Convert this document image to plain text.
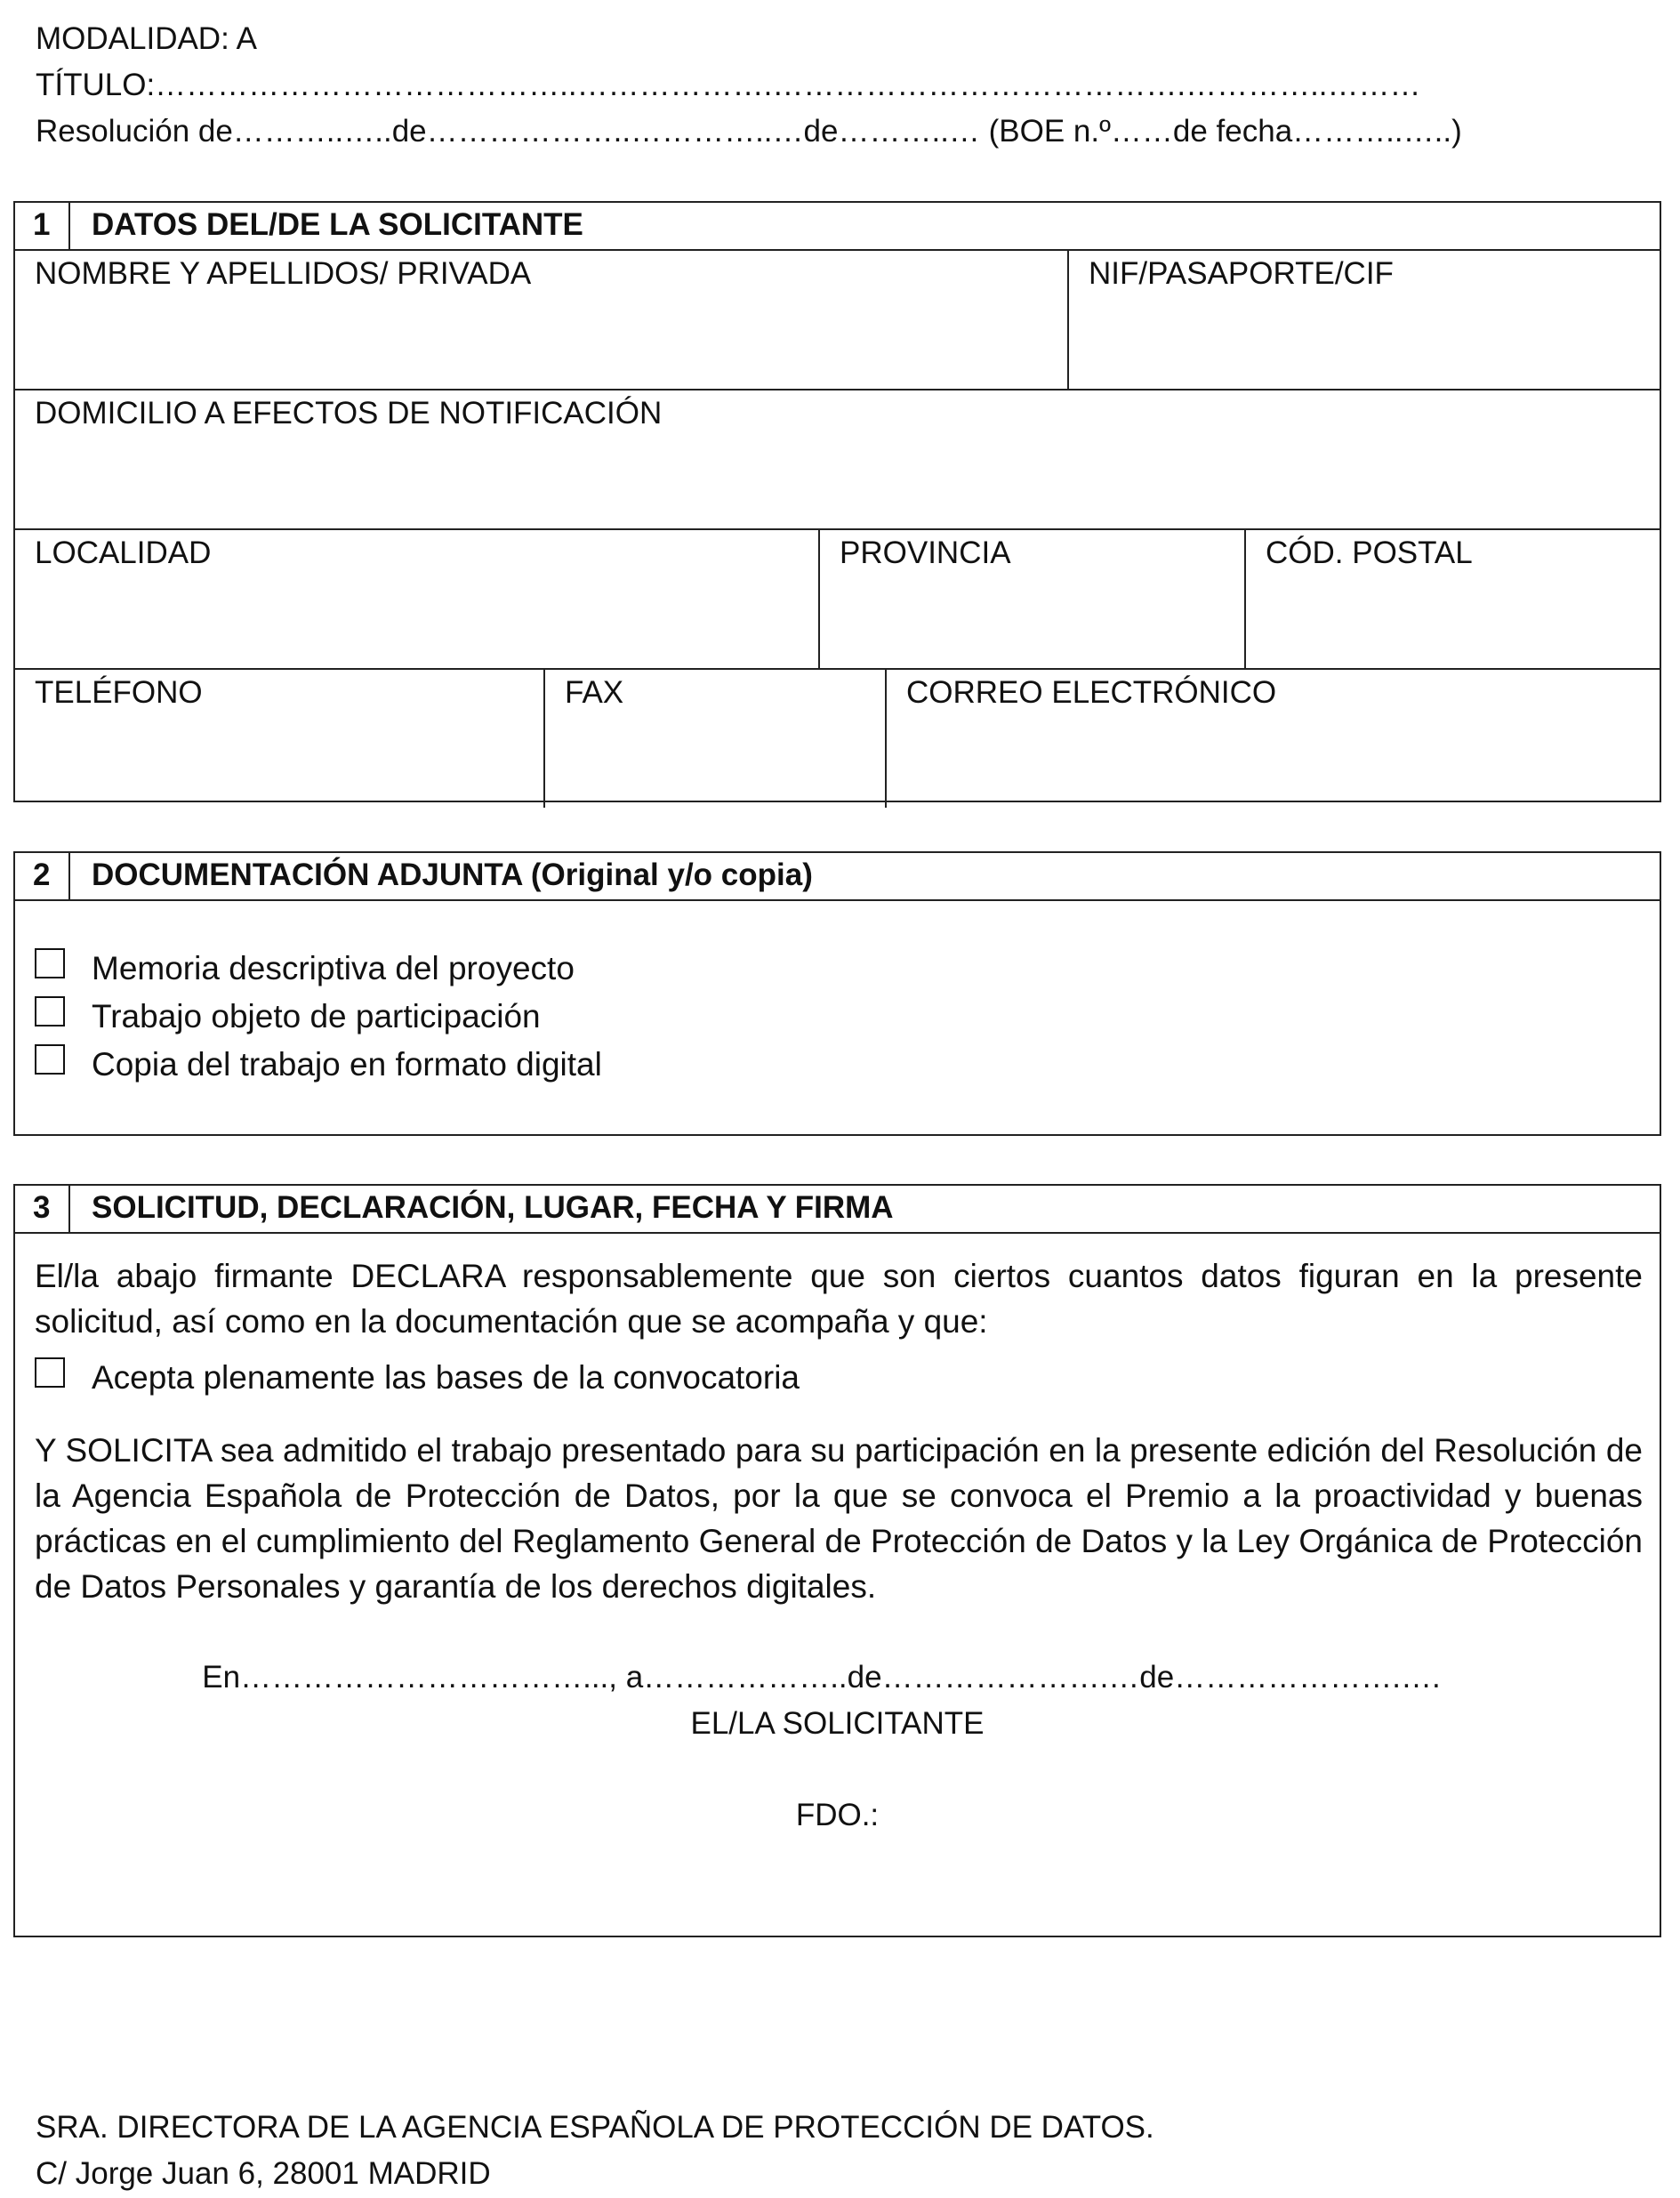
MODALIDAD: A
TÍTULO:…………………………………..……………….………………………………….…………..………
Resolución de………..…..de………………..…………..…de………..… (BOE n.º……de fecha………..…..)
1	DATOS DEL/DE LA SOLICITANTE
NOMBRE Y APELLIDOS/ PRIVADA	NIF/PASAPORTE/CIF
DOMICILIO A EFECTOS DE NOTIFICACIÓN
LOCALIDAD	PROVINCIA	CÓD. POSTAL
TELÉFONO	FAX	CORREO ELECTRÓNICO
2	DOCUMENTACIÓN ADJUNTA (Original y/o copia)
Memoria descriptiva del proyecto
Trabajo objeto de participación
Copia del trabajo en formato digital
3	SOLICITUD, DECLARACIÓN, LUGAR, FECHA Y FIRMA
El/la abajo firmante DECLARA responsablemente que son ciertos cuantos datos figuran en la presente solicitud, así como en la documentación que se acompaña y que:
Acepta plenamente las bases de la convocatoria
Y SOLICITA sea admitido el trabajo presentado para su participación en la presente edición del Resolución de la Agencia Española de Protección de Datos, por la que se convoca el Premio a la proactividad y buenas prácticas en el cumplimiento del Reglamento General de Protección de Datos y la Ley Orgánica de Protección de Datos Personales y garantía de los derechos digitales.
En……………………………..., a………………..de………………….…de………………….….
EL/LA SOLICITANTE
FDO.:
SRA. DIRECTORA DE LA AGENCIA ESPAÑOLA DE PROTECCIÓN DE DATOS.
C/ Jorge Juan 6, 28001 MADRID
